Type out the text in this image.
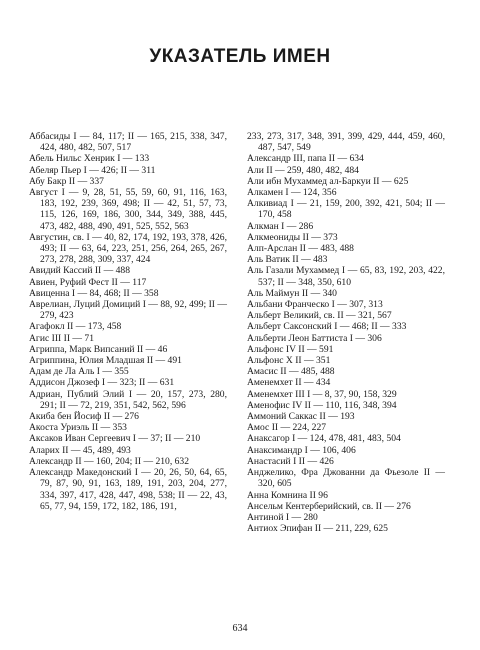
УКАЗАТЕЛЬ ИМЕН

Аббасиды I — 84, 117; II — 165, 215, 338, 347, 424, 480, 482, 507, 517

Абель Нильс Хенрик I — 133

Абеляр Пьер I — 426; II — 311

Абу Бакр II — 337

Август I — 9, 28, 51, 55, 59, 60, 91, 116, 163, 183, 192, 239, 369, 498; II — 42, 51, 57, 73, 115, 126, 169, 186, 300, 344, 349, 388, 445, 473, 482, 488, 490, 491, 525, 552, 563

Августин, св. I — 40, 82, 174, 192, 193, 378, 426, 493; II — 63, 64, 223, 251, 256, 264, 265, 267, 273, 278, 288, 309, 337, 424

Авидий Кассий II — 488

Авиен, Руфий Фест II — 117

Авиценна I — 84, 468; II — 358

Аврелиан, Луций Домиций I — 88, 92, 499; II — 279, 423

Агафокл II — 173, 458

Агис III II — 71

Агриппа, Марк Випсаний II — 46

Агриппина, Юлия Младшая II — 491

Адам де Ла Аль I — 355

Аддисон Джозеф I — 323; II — 631

Адриан, Публий Элий I — 20, 157, 273, 280, 291; II — 72, 219, 351, 542, 562, 596

Акиба бен Йосиф II — 276

Акоста Уриэль II — 353

Аксаков Иван Сергеевич I — 37; II — 210

Аларих II — 45, 489, 493

Александр II — 160, 204; II — 210, 632

Александр Македонский I — 20, 26, 50, 64, 65, 79, 87, 90, 91, 163, 189, 191, 203, 204, 277, 334, 397, 417, 428, 447, 498, 538; II — 22, 43, 65, 77, 94, 159, 172, 182, 186, 191,

233, 273, 317, 348, 391, 399, 429, 444, 459, 460, 487, 547, 549

Александр III, папа II — 634

Али II — 259, 480, 482, 484

Али ибн Мухаммед ал-Баркуи II — 625

Алкамен I — 124, 356

Алкивиад I — 21, 159, 200, 392, 421, 504; II — 170, 458

Алкман I — 286

Алкмеониды II — 373

Алп-Арслан II — 483, 488

Аль Ватик II — 483

Аль Газали Мухаммед I — 65, 83, 192, 203, 422, 537; II — 348, 350, 610

Аль Маймун II — 340

Альбани Франческо I — 307, 313

Альберт Великий, св. II — 321, 567

Альберт Саксонский I — 468; II — 333

Альберти Леон Баттиста I — 306

Альфонс IV II — 591

Альфонс X II — 351

Амасис II — 485, 488

Аменемхет II — 434

Аменемхет III I — 8, 37, 90, 158, 329

Аменофис IV II — 110, 116, 348, 394

Аммоний Саккас II — 193

Амос II — 224, 227

Анаксагор I — 124, 478, 481, 483, 504

Анаксимандр I — 106, 406

Анастасий I II — 426

Анджелико, Фра Джованни да Фьезоле II — 320, 605

Анна Комнина II 96

Ансельм Кентерберийский, св. II — 276

Антиной I — 280

Антиох Эпифан II — 211, 229, 625

634
